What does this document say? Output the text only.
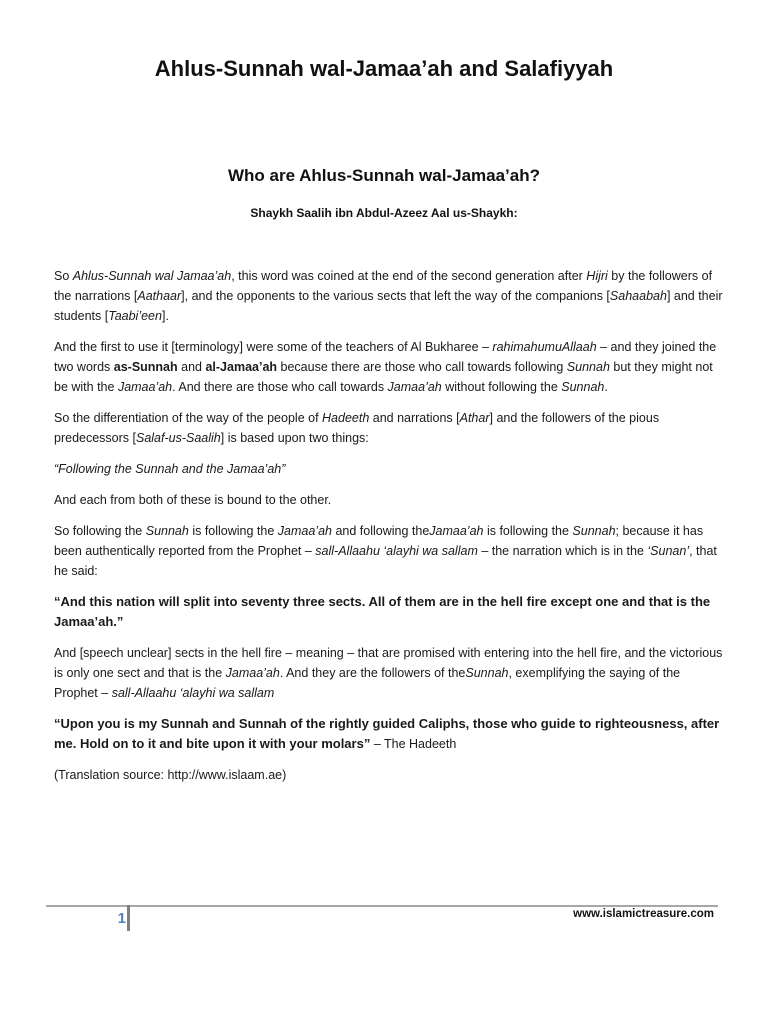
Ahlus-Sunnah wal-Jamaa’ah and Salafiyyah
Who are Ahlus-Sunnah wal-Jamaa’ah?
Shaykh Saalih ibn Abdul-Azeez Aal us-Shaykh:

So Ahlus-Sunnah wal Jamaa’ah, this word was coined at the end of the second generation after Hijri by the followers of the narrations [Aathaar], and the opponents to the various sects that left the way of the companions [Sahaabah] and their students [Taabi’een].

And the first to use it [terminology] were some of the teachers of Al Bukharee – rahimahumuAllaah – and they joined the two words as-Sunnah and al-Jamaa’ah because there are those who call towards following Sunnah but they might not be with the Jamaa’ah. And there are those who call towards Jamaa’ah without following the Sunnah.

So the differentiation of the way of the people of Hadeeth and narrations [Athar] and the followers of the pious predecessors [Salaf-us-Saalih] is based upon two things:

“Following the Sunnah and the Jamaa’ah”

And each from both of these is bound to the other.

So following the Sunnah is following the Jamaa’ah and following theJamaa’ah is following the Sunnah; because it has been authentically reported from the Prophet – sall-Allaahu ‘alayhi wa sallam – the narration which is in the ‘Sunan’, that he said:

“And this nation will split into seventy three sects. All of them are in the hell fire except one and that is the Jamaa’ah.”

And [speech unclear] sects in the hell fire – meaning – that are promised with entering into the hell fire, and the victorious is only one sect and that is the Jamaa’ah. And they are the followers of theSunnah, exemplifying the saying of the Prophet – sall-Allaahu ‘alayhi wa sallam

“Upon you is my Sunnah and Sunnah of the rightly guided Caliphs, those who guide to righteousness, after me. Hold on to it and bite upon it with your molars” – The Hadeeth

(Translation source: http://www.islaam.ae)

1	www.islamictreasure.com
